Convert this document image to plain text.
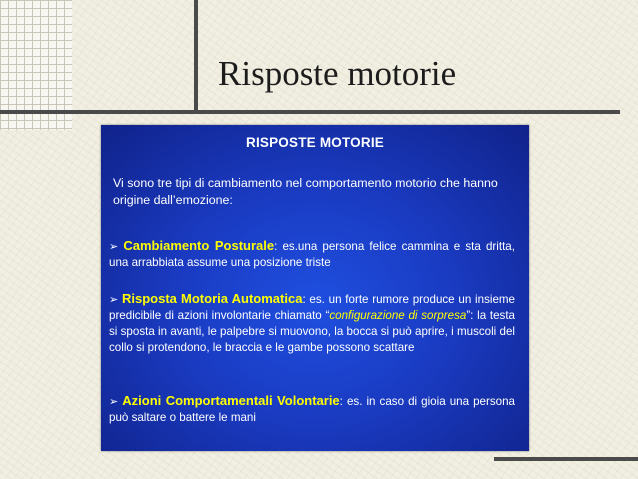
Risposte motorie
RISPOSTE MOTORIE
Vi sono tre tipi di cambiamento nel comportamento motorio che hanno origine dall’emozione:
➢ Cambiamento Posturale: es.una persona felice cammina e sta dritta, una arrabbiata assume una posizione triste
➢ Risposta Motoria Automatica: es. un forte rumore produce un insieme predicibile di azioni involontarie chiamato “configurazione di sorpresa”: la testa si sposta in avanti, le palpebre si muovono, la bocca si può aprire, i muscoli del collo si protendono, le braccia e le gambe possono scattare
➢ Azioni Comportamentali Volontarie: es. in caso di gioia una persona può saltare o battere le mani
